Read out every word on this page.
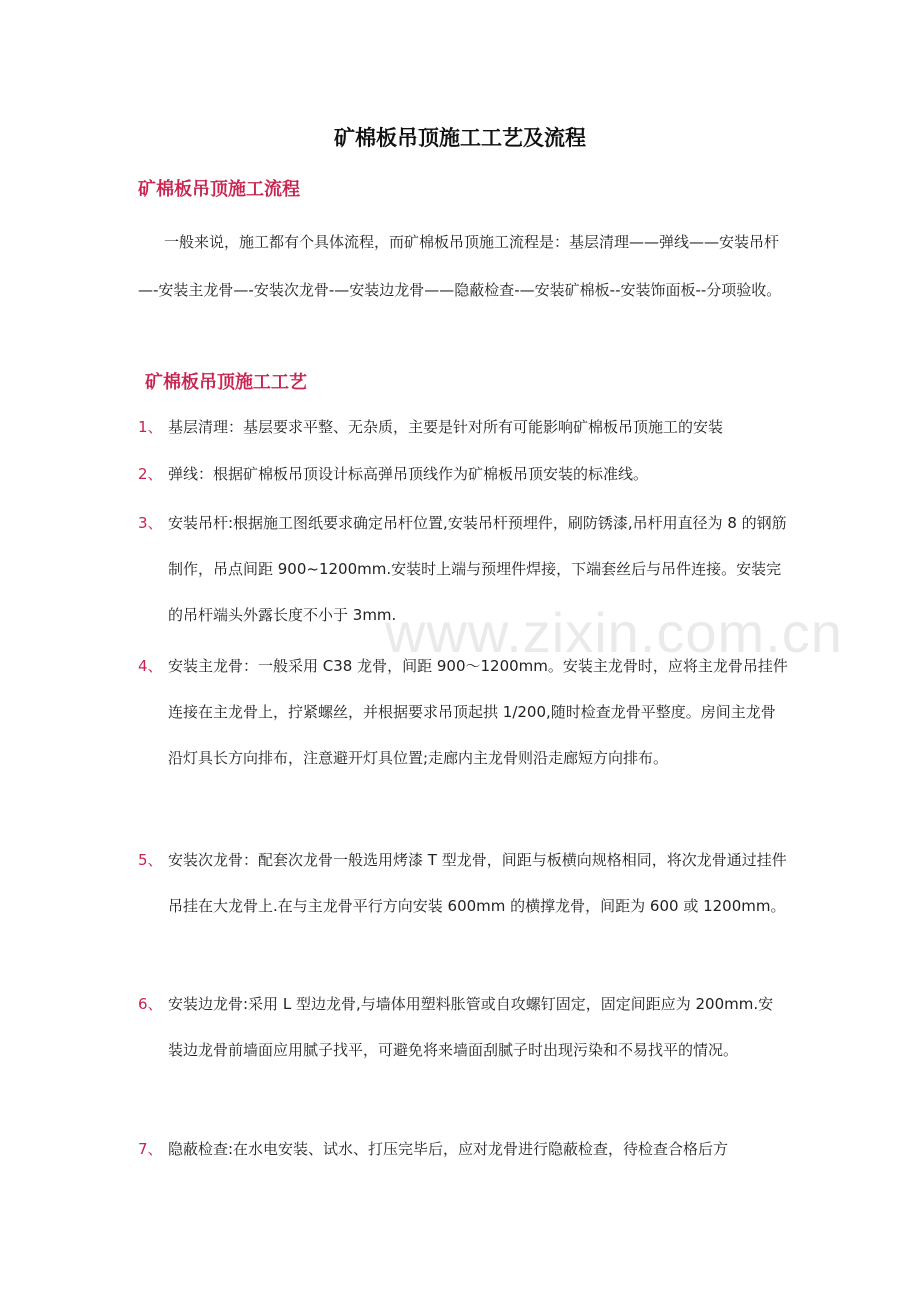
矿棉板吊顶施工工艺及流程
矿棉板吊顶施工流程
一般来说，施工都有个具体流程，而矿棉板吊顶施工流程是：基层清理——弹线——安装吊杆—-安装主龙骨—-安装次龙骨-—安装边龙骨——隐蔽检查-—安装矿棉板--安装饰面板--分项验收。
矿棉板吊顶施工工艺
1、 基层清理：基层要求平整、无杂质，主要是针对所有可能影响矿棉板吊顶施工的安装
2、 弹线：根据矿棉板吊顶设计标高弹吊顶线作为矿棉板吊顶安装的标准线。
3、 安装吊杆:根据施工图纸要求确定吊杆位置,安装吊杆预埋件，刷防锈漆,吊杆用直径为 8 的钢筋制作，吊点间距 900~1200mm.安装时上端与预埋件焊接，下端套丝后与吊件连接。安装完的吊杆端头外露长度不小于 3mm.
4、 安装主龙骨：一般采用 C38 龙骨，间距 900～1200mm。安装主龙骨时，应将主龙骨吊挂件连接在主龙骨上，拧紧螺丝，并根据要求吊顶起拱 1/200,随时检查龙骨平整度。房间主龙骨沿灯具长方向排布，注意避开灯具位置;走廊内主龙骨则沿走廊短方向排布。
5、 安装次龙骨：配套次龙骨一般选用烤漆 T 型龙骨，间距与板横向规格相同，将次龙骨通过挂件吊挂在大龙骨上.在与主龙骨平行方向安装 600mm 的横撑龙骨，间距为 600 或 1200mm。
6、 安装边龙骨:采用 L 型边龙骨,与墙体用塑料胀管或自攻螺钉固定，固定间距应为 200mm.安装边龙骨前墙面应用腻子找平，可避免将来墙面刮腻子时出现污染和不易找平的情况。
7、 隐蔽检查:在水电安装、试水、打压完毕后，应对龙骨进行隐蔽检查，待检查合格后方
www.zixin.com.cn
